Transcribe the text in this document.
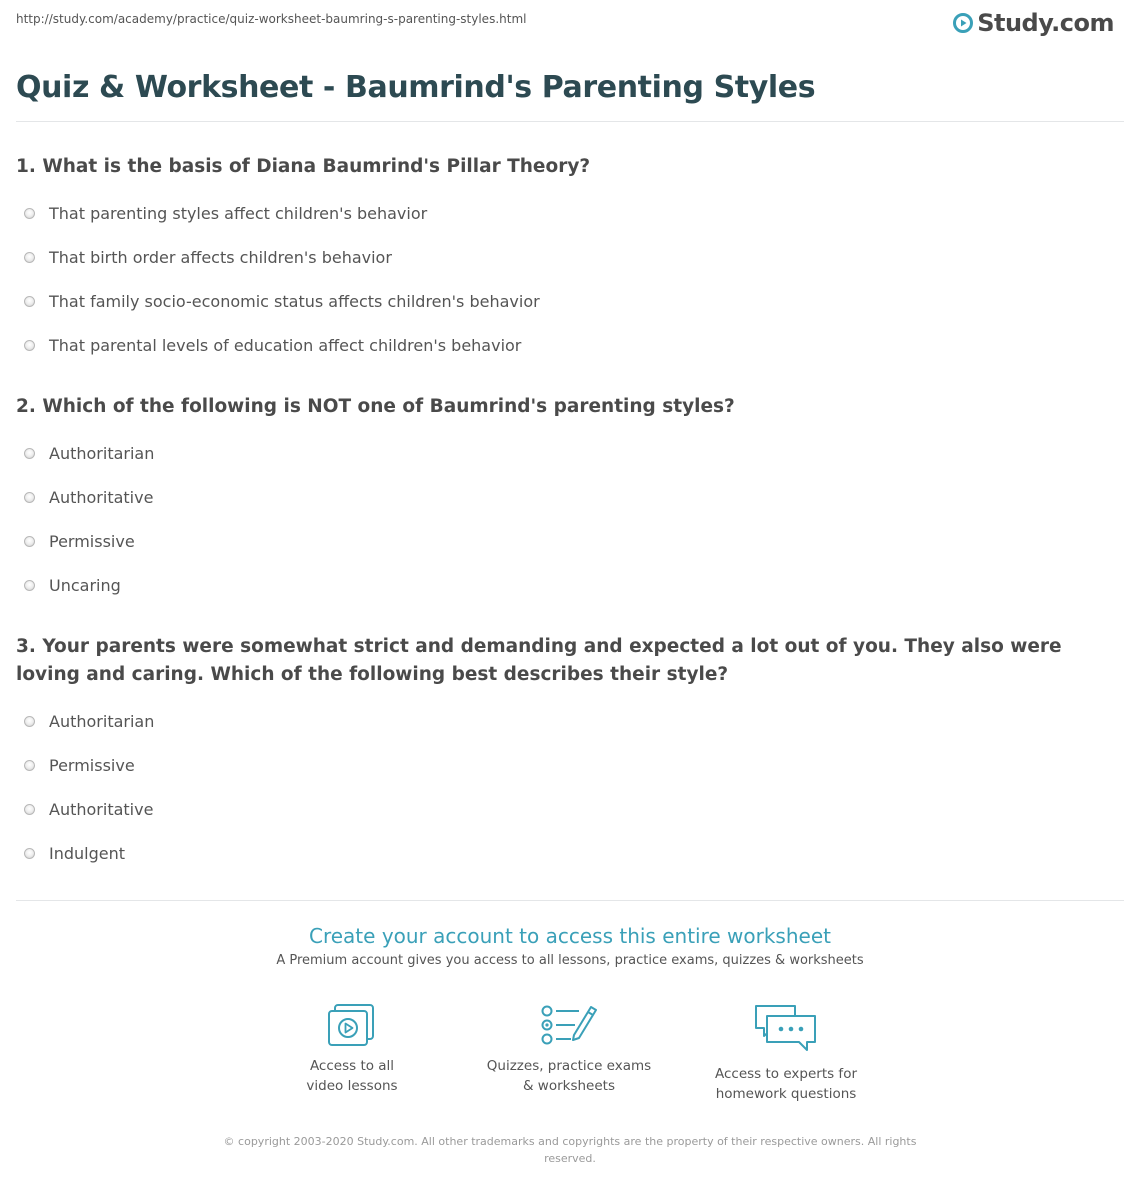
http://study.com/academy/practice/quiz-worksheet-baumring-s-parenting-styles.html	Study.com
Quiz & Worksheet - Baumrind's Parenting Styles

1. What is the basis of Diana Baumrind's Pillar Theory?

That parenting styles affect children's behavior
That birth order affects children's behavior
That family socio-economic status affects children's behavior
That parental levels of education affect children's behavior

2. Which of the following is NOT one of Baumrind's parenting styles?

Authoritarian
Authoritative
Permissive
Uncaring

3. Your parents were somewhat strict and demanding and expected a lot out of you. They also were loving and caring. Which of the following best describes their style?

Authoritarian
Permissive
Authoritative
Indulgent
Create your account to access this entire worksheet
A Premium account gives you access to all lessons, practice exams, quizzes & worksheets
Access to all
video lessons
Quizzes, practice exams
& worksheets
Access to experts for
homework questions
© copyright 2003-2020 Study.com. All other trademarks and copyrights are the property of their respective owners. All rights reserved.
